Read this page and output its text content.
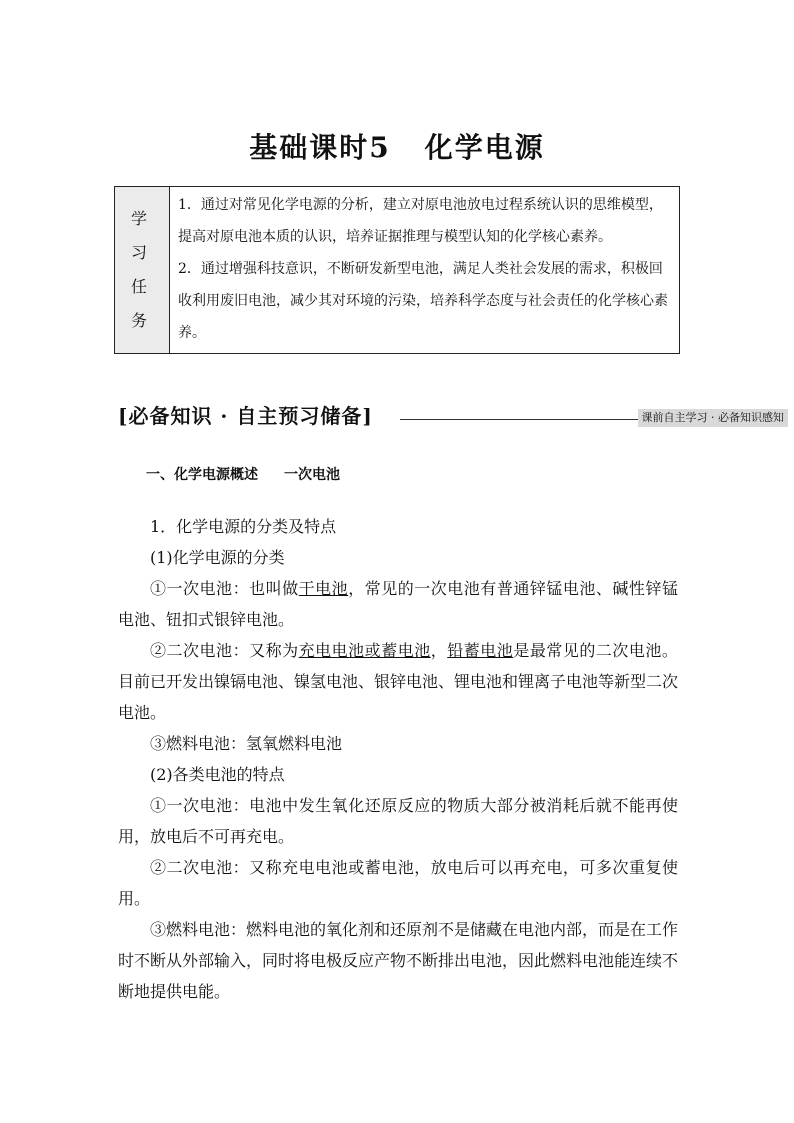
基础课时5 化学电源
学 习
任 务

1．通过对常见化学电源的分析，建立对原电池放电过程系统认识的思维模型，提高对原电池本质的认识，培养证据推理与模型认知的化学核心素养。
2．通过增强科技意识，不断研发新型电池，满足人类社会发展的需求，积极回收利用废旧电池，减少其对环境的污染，培养科学态度与社会责任的化学核心素养。
[必备知识 · 自主预习储备]	课前自主学习 · 必备知识感知

一、化学电源概述 一次电池

1．化学电源的分类及特点

(1)化学电源的分类

①一次电池：也叫做干电池，常见的一次电池有普通锌锰电池、碱性锌锰电池、钮扣式银锌电池。

②二次电池：又称为充电电池或蓄电池，铅蓄电池是最常见的二次电池。目前已开发出镍镉电池、镍氢电池、银锌电池、锂电池和锂离子电池等新型二次电池。

③燃料电池：氢氧燃料电池

(2)各类电池的特点

①一次电池：电池中发生氧化还原反应的物质大部分被消耗后就不能再使用，放电后不可再充电。

②二次电池：又称充电电池或蓄电池，放电后可以再充电，可多次重复使用。

③燃料电池：燃料电池的氧化剂和还原剂不是储藏在电池内部，而是在工作时不断从外部输入，同时将电极反应产物不断排出电池，因此燃料电池能连续不断地提供电能。
